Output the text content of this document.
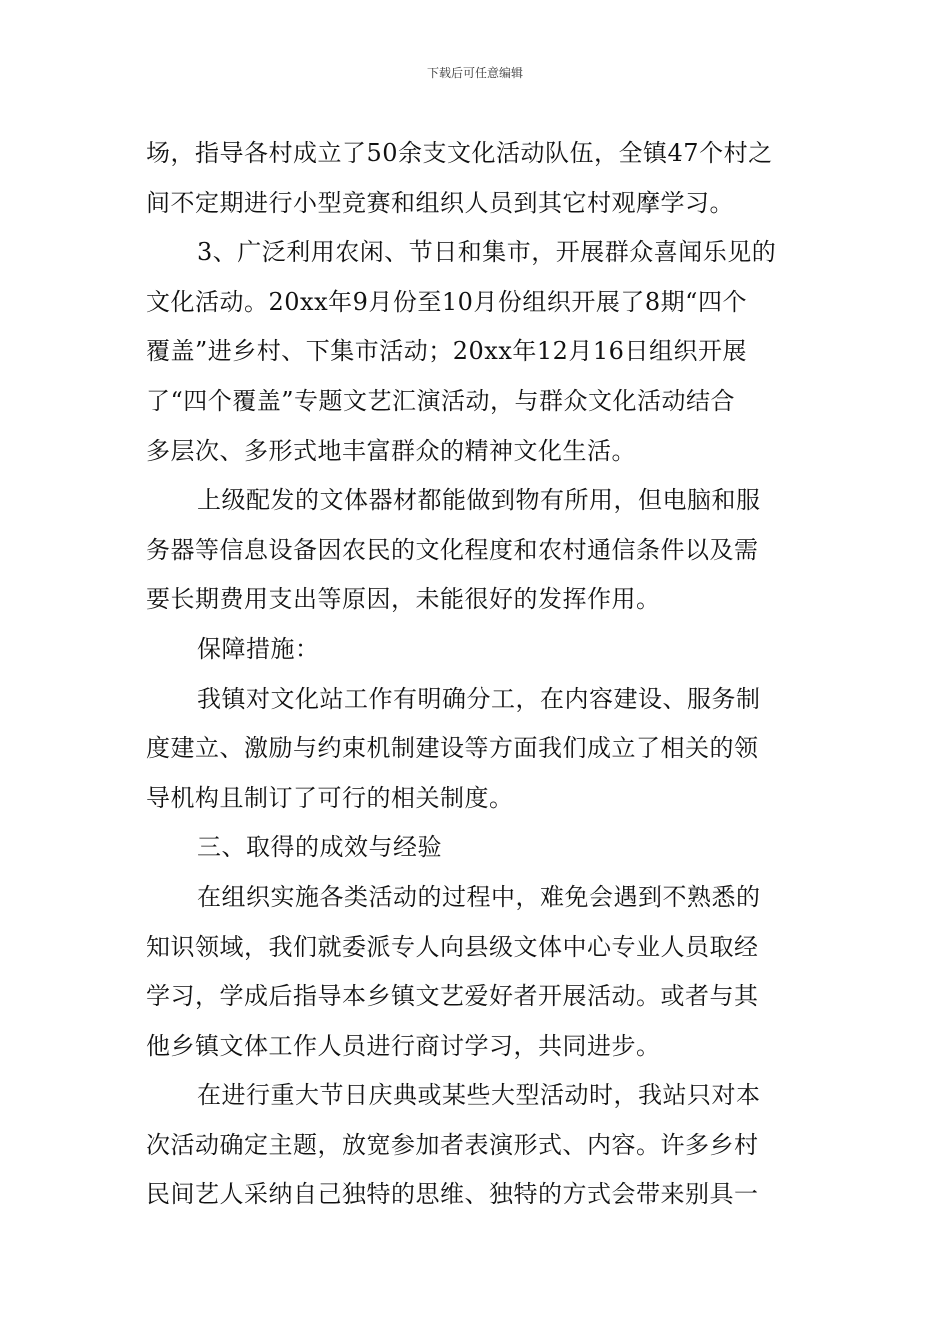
下载后可任意编辑
场，指导各村成立了50余支文化活动队伍，全镇47个村之
间不定期进行小型竞赛和组织人员到其它村观摩学习。
3、广泛利用农闲、节日和集市，开展群众喜闻乐见的
文化活动。20xx年9月份至10月份组织开展了8期“四个
覆盖”进乡村、下集市活动；20xx年12月16日组织开展
了“四个覆盖”专题文艺汇演活动，与群众文化活动结合
多层次、多形式地丰富群众的精神文化生活。
上级配发的文体器材都能做到物有所用，但电脑和服
务器等信息设备因农民的文化程度和农村通信条件以及需
要长期费用支出等原因，未能很好的发挥作用。
保障措施：
我镇对文化站工作有明确分工，在内容建设、服务制
度建立、激励与约束机制建设等方面我们成立了相关的领
导机构且制订了可行的相关制度。
三、取得的成效与经验
在组织实施各类活动的过程中，难免会遇到不熟悉的
知识领域，我们就委派专人向县级文体中心专业人员取经
学习，学成后指导本乡镇文艺爱好者开展活动。或者与其
他乡镇文体工作人员进行商讨学习，共同进步。
在进行重大节日庆典或某些大型活动时，我站只对本
次活动确定主题，放宽参加者表演形式、内容。许多乡村
民间艺人采纳自己独特的思维、独特的方式会带来别具一
